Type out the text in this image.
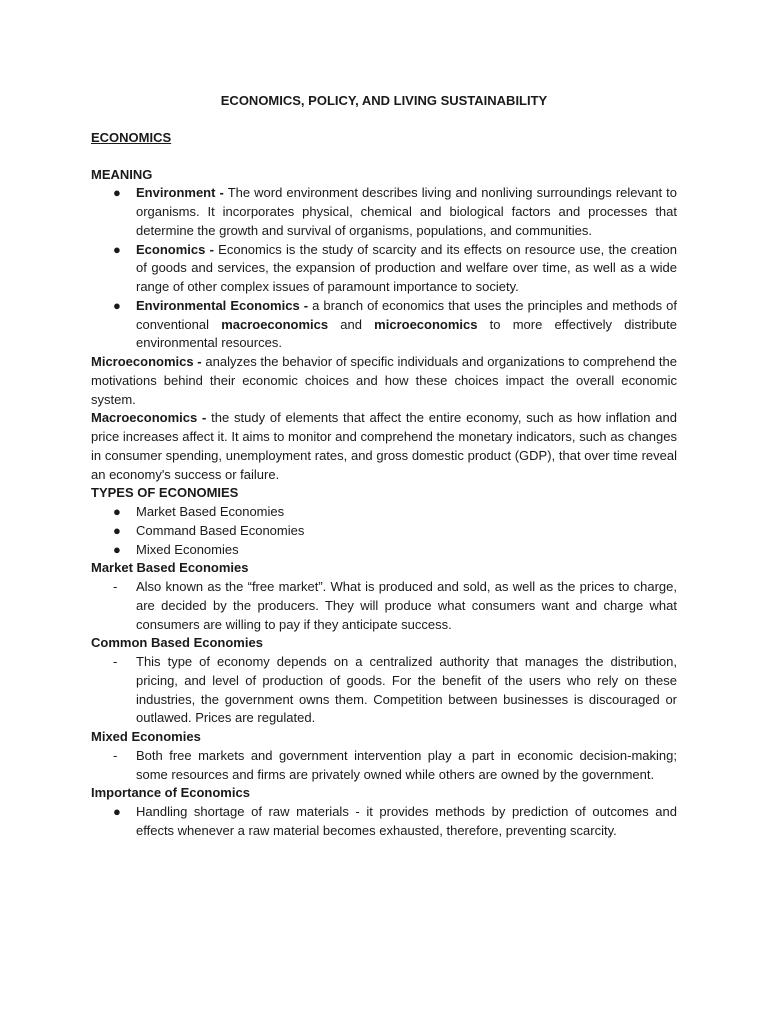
ECONOMICS, POLICY, AND LIVING SUSTAINABILITY

ECONOMICS

MEANING

●	Environment - The word environment describes living and nonliving surroundings relevant to organisms. It incorporates physical, chemical and biological factors and processes that determine the growth and survival of organisms, populations, and communities.
●	Economics - Economics is the study of scarcity and its effects on resource use, the creation of goods and services, the expansion of production and welfare over time, as well as a wide range of other complex issues of paramount importance to society.
●	Environmental Economics - a branch of economics that uses the principles and methods of conventional macroeconomics and microeconomics to more effectively distribute environmental resources.

Microeconomics - analyzes the behavior of specific individuals and organizations to comprehend the motivations behind their economic choices and how these choices impact the overall economic system.

Macroeconomics - the study of elements that affect the entire economy, such as how inflation and price increases affect it. It aims to monitor and comprehend the monetary indicators, such as changes in consumer spending, unemployment rates, and gross domestic product (GDP), that over time reveal an economy's success or failure.

TYPES OF ECONOMIES

●	Market Based Economies
●	Command Based Economies
●	Mixed Economies

Market Based Economies

-	Also known as the “free market”. What is produced and sold, as well as the prices to charge, are decided by the producers. They will produce what consumers want and charge what consumers are willing to pay if they anticipate success.

Common Based Economies

-	This type of economy depends on a centralized authority that manages the distribution, pricing, and level of production of goods. For the benefit of the users who rely on these industries, the government owns them. Competition between businesses is discouraged or outlawed. Prices are regulated.

Mixed Economies

-	Both free markets and government intervention play a part in economic decision-making; some resources and firms are privately owned while others are owned by the government.

Importance of Economics

●	Handling shortage of raw materials - it provides methods by prediction of outcomes and effects whenever a raw material becomes exhausted, therefore, preventing scarcity.
